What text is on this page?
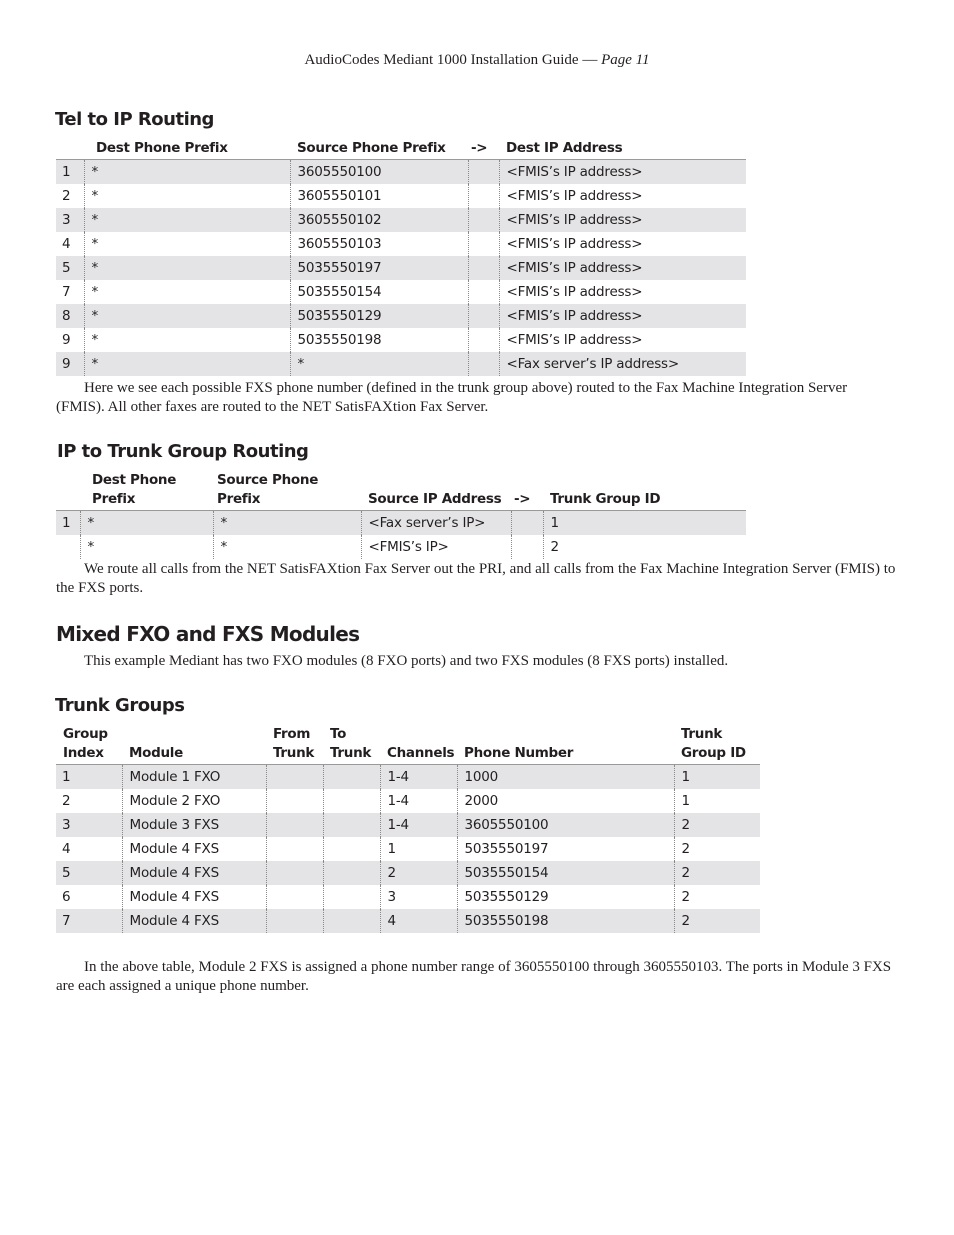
AudioCodes Mediant 1000 Installation Guide — Page 11
Tel to IP Routing
	Dest Phone Prefix	Source Phone Prefix	->	Dest IP Address
1	*	3605550100		<FMIS’s IP address>
2	*	3605550101		<FMIS’s IP address>
3	*	3605550102		<FMIS’s IP address>
4	*	3605550103		<FMIS’s IP address>
5	*	5035550197		<FMIS’s IP address>
7	*	5035550154		<FMIS’s IP address>
8	*	5035550129		<FMIS’s IP address>
9	*	5035550198		<FMIS’s IP address>
9	*	*		<Fax server’s IP address>

Here we see each possible FXS phone number (defined in the trunk group above) routed to the Fax Machine Integration Server (FMIS). All other faxes are routed to the NET SatisFAXtion Fax Server.

IP to Trunk Group Routing
	Dest Phone Prefix	Source Phone Prefix	Source IP Address	->	Trunk Group ID
1	*	*	<Fax server’s IP>		1
	*	*	<FMIS’s IP>		2

We route all calls from the NET SatisFAXtion Fax Server out the PRI, and all calls from the Fax Machine Integration Server (FMIS) to the FXS ports.

Mixed FXO and FXS Modules

This example Mediant has two FXO modules (8 FXO ports) and two FXS modules (8 FXS ports) installed.

Trunk Groups
Group Index	Module	From Trunk	To Trunk	Channels	Phone Number	Trunk Group ID
1	Module 1 FXO			1-4	1000	1
2	Module 2 FXO			1-4	2000	1
3	Module 3 FXS			1-4	3605550100	2
4	Module 4 FXS			1	5035550197	2
5	Module 4 FXS			2	5035550154	2
6	Module 4 FXS			3	5035550129	2
7	Module 4 FXS			4	5035550198	2

In the above table, Module 2 FXS is assigned a phone number range of 3605550100 through 3605550103. The ports in Module 3 FXS are each assigned a unique phone number.
